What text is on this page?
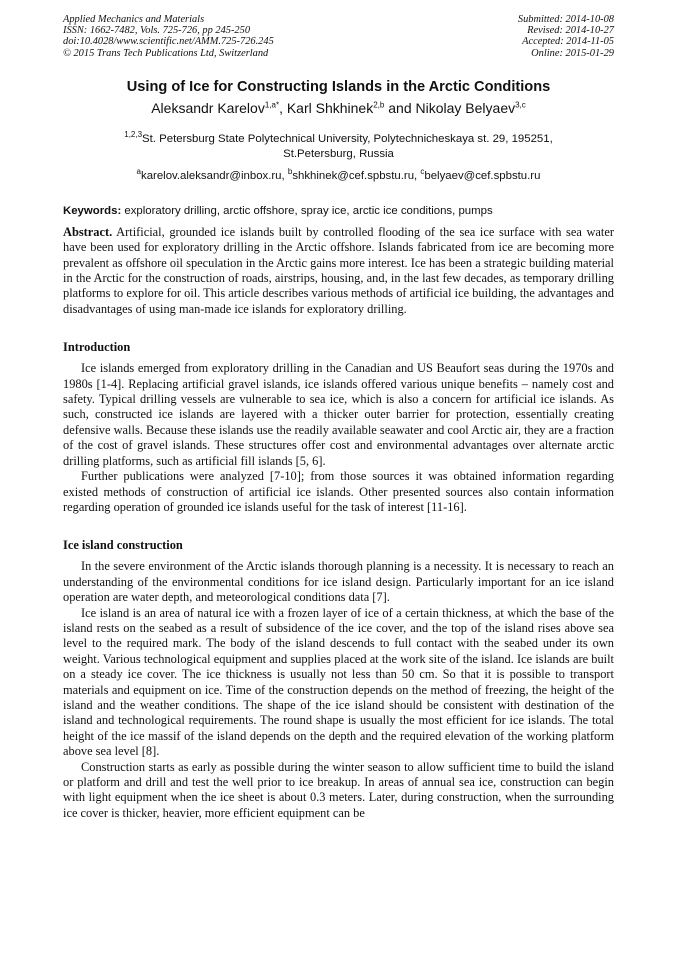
Applied Mechanics and Materials
ISSN: 1662-7482, Vols. 725-726, pp 245-250
doi:10.4028/www.scientific.net/AMM.725-726.245
© 2015 Trans Tech Publications Ltd, Switzerland
Submitted: 2014-10-08
Revised: 2014-10-27
Accepted: 2014-11-05
Online: 2015-01-29
Using of Ice for Constructing Islands in the Arctic Conditions
Aleksandr Karelov$^{1,a*}$, Karl Shkhinek$^{2,b}$ and Nikolay Belyaev$^{3,c}$
$^{1,2,3}$St. Petersburg State Polytechnical University, Polytechnicheskaya st. 29, 195251,
St.Petersburg, Russia
$^a$karelov.aleksandr@inbox.ru, $^b$shkhinek@cef.spbstu.ru, $^c$belyaev@cef.spbstu.ru
Keywords: exploratory drilling, arctic offshore, spray ice, arctic ice conditions, pumps
Abstract. Artificial, grounded ice islands built by controlled flooding of the sea ice surface with sea water have been used for exploratory drilling in the Arctic offshore. Islands fabricated from ice are becoming more prevalent as offshore oil speculation in the Arctic gains more interest. Ice has been a strategic building material in the Arctic for the construction of roads, airstrips, housing, and, in the last few decades, as temporary drilling platforms to explore for oil. This article describes various methods of artificial ice building, the advantages and disadvantages of using man-made ice islands for exploratory drilling.
Introduction

Ice islands emerged from exploratory drilling in the Canadian and US Beaufort seas during the 1970s and 1980s [1-4]. Replacing artificial gravel islands, ice islands offered various unique benefits – namely cost and safety. Typical drilling vessels are vulnerable to sea ice, which is also a concern for artificial ice islands. As such, constructed ice islands are layered with a thicker outer barrier for protection, essentially creating defensive walls. Because these islands use the readily available seawater and cool Arctic air, they are a fraction of the cost of gravel islands. These structures offer cost and environmental advantages over alternate arctic drilling platforms, such as artificial fill islands [5, 6].

Further publications were analyzed [7-10]; from those sources it was obtained information regarding existed methods of construction of artificial ice islands. Other presented sources also contain information regarding operation of grounded ice islands useful for the task of interest [11-16].

Ice island construction

In the severe environment of the Arctic islands thorough planning is a necessity. It is necessary to reach an understanding of the environmental conditions for ice island design. Particularly important for an ice island operation are water depth, and meteorological conditions data [7].

Ice island is an area of natural ice with a frozen layer of ice of a certain thickness, at which the base of the island rests on the seabed as a result of subsidence of the ice cover, and the top of the island rises above sea level to the required mark. The body of the island descends to full contact with the seabed under its own weight. Various technological equipment and supplies placed at the work site of the island. Ice islands are built on a steady ice cover. The ice thickness is usually not less than 50 cm. So that it is possible to transport materials and equipment on ice. Time of the construction depends on the method of freezing, the height of the island and the weather conditions. The shape of the ice island should be consistent with destination of the island and technological requirements. The round shape is usually the most efficient for ice islands. The total height of the ice massif of the island depends on the depth and the required elevation of the working platform above sea level [8].

Construction starts as early as possible during the winter season to allow sufficient time to build the island or platform and drill and test the well prior to ice breakup. In areas of annual sea ice, construction can begin with light equipment when the ice sheet is about 0.3 meters. Later, during construction, when the surrounding ice cover is thicker, heavier, more efficient equipment can be
